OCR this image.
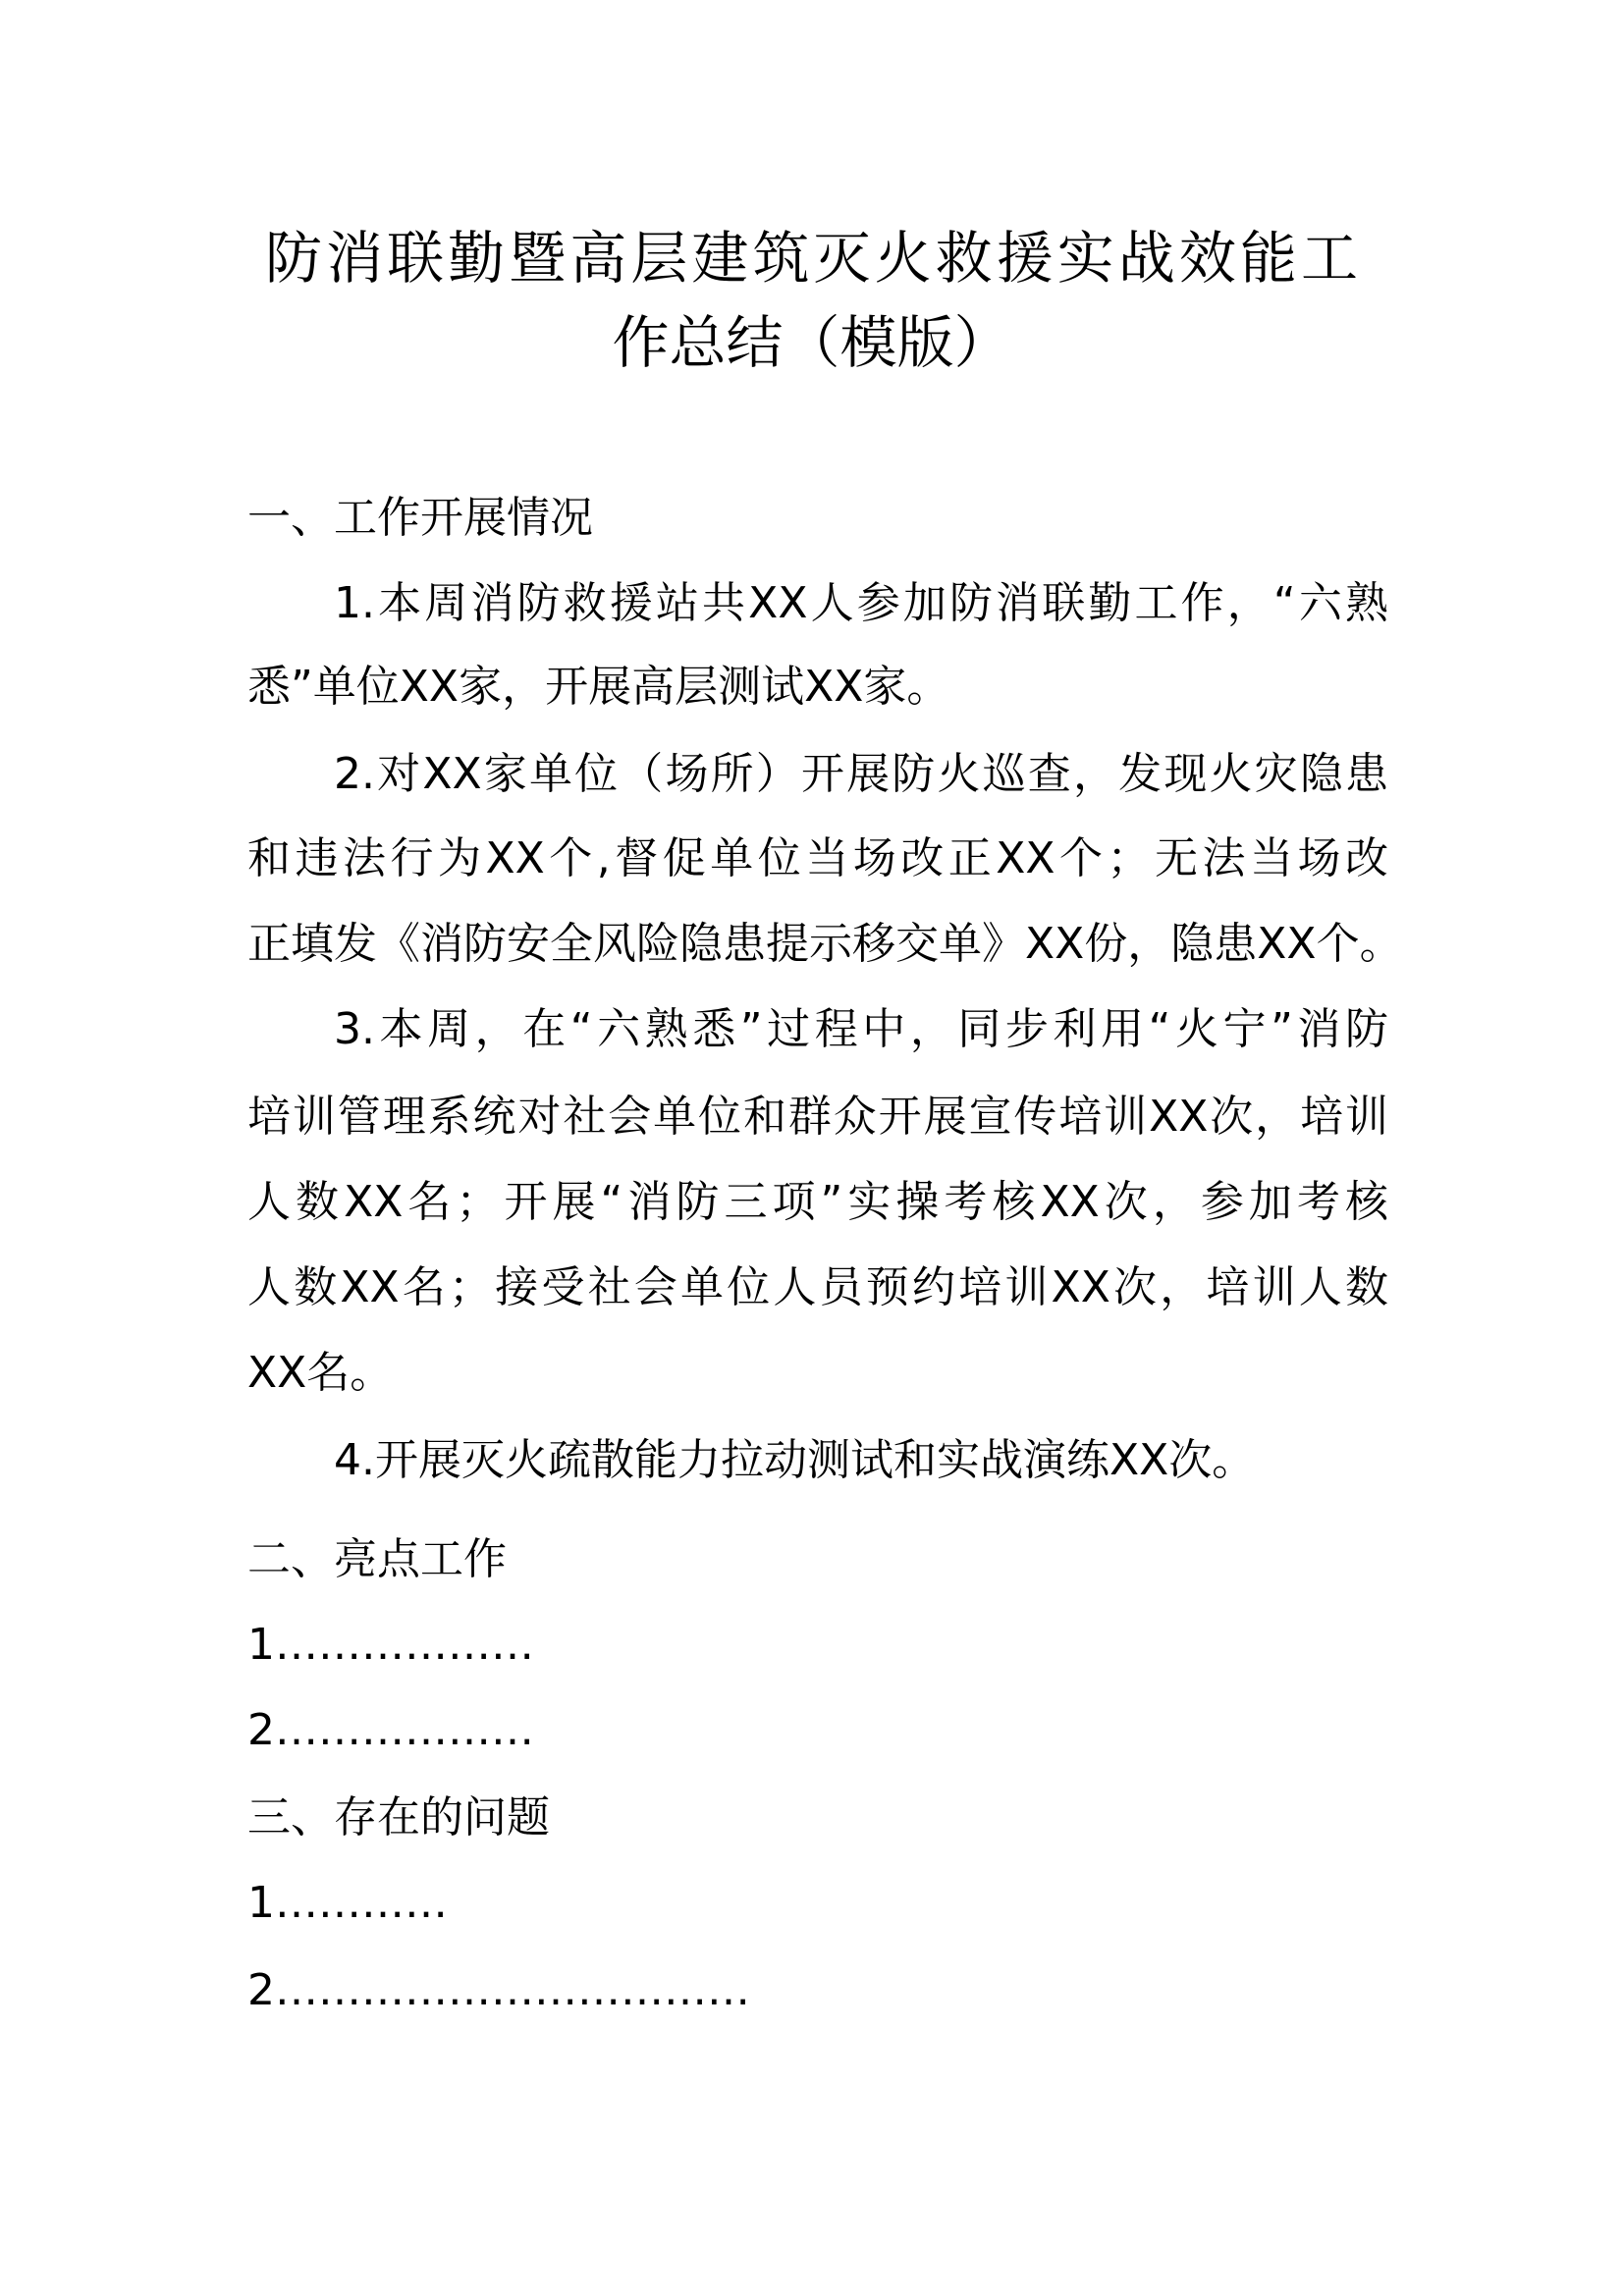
防消联勤暨高层建筑灭火救援实战效能工
作总结（模版）
一、工作开展情况
1.本周消防救援站共XX人参加防消联勤工作，“六熟
悉”单位XX家，开展高层测试XX家。
2.对XX家单位（场所）开展防火巡查，发现火灾隐患
和违法行为XX个,督促单位当场改正XX个；无法当场改
正填发《消防安全风险隐患提示移交单》XX份，隐患XX个。
3.本周，在“六熟悉”过程中，同步利用“火宁”消防
培训管理系统对社会单位和群众开展宣传培训XX次，培训
人数XX名；开展“消防三项”实操考核XX次，参加考核
人数XX名；接受社会单位人员预约培训XX次，培训人数
XX名。
4.开展灭火疏散能力拉动测试和实战演练XX次。
二、亮点工作
1………………
2………………
三、存在的问题
1…………
2……………………………
